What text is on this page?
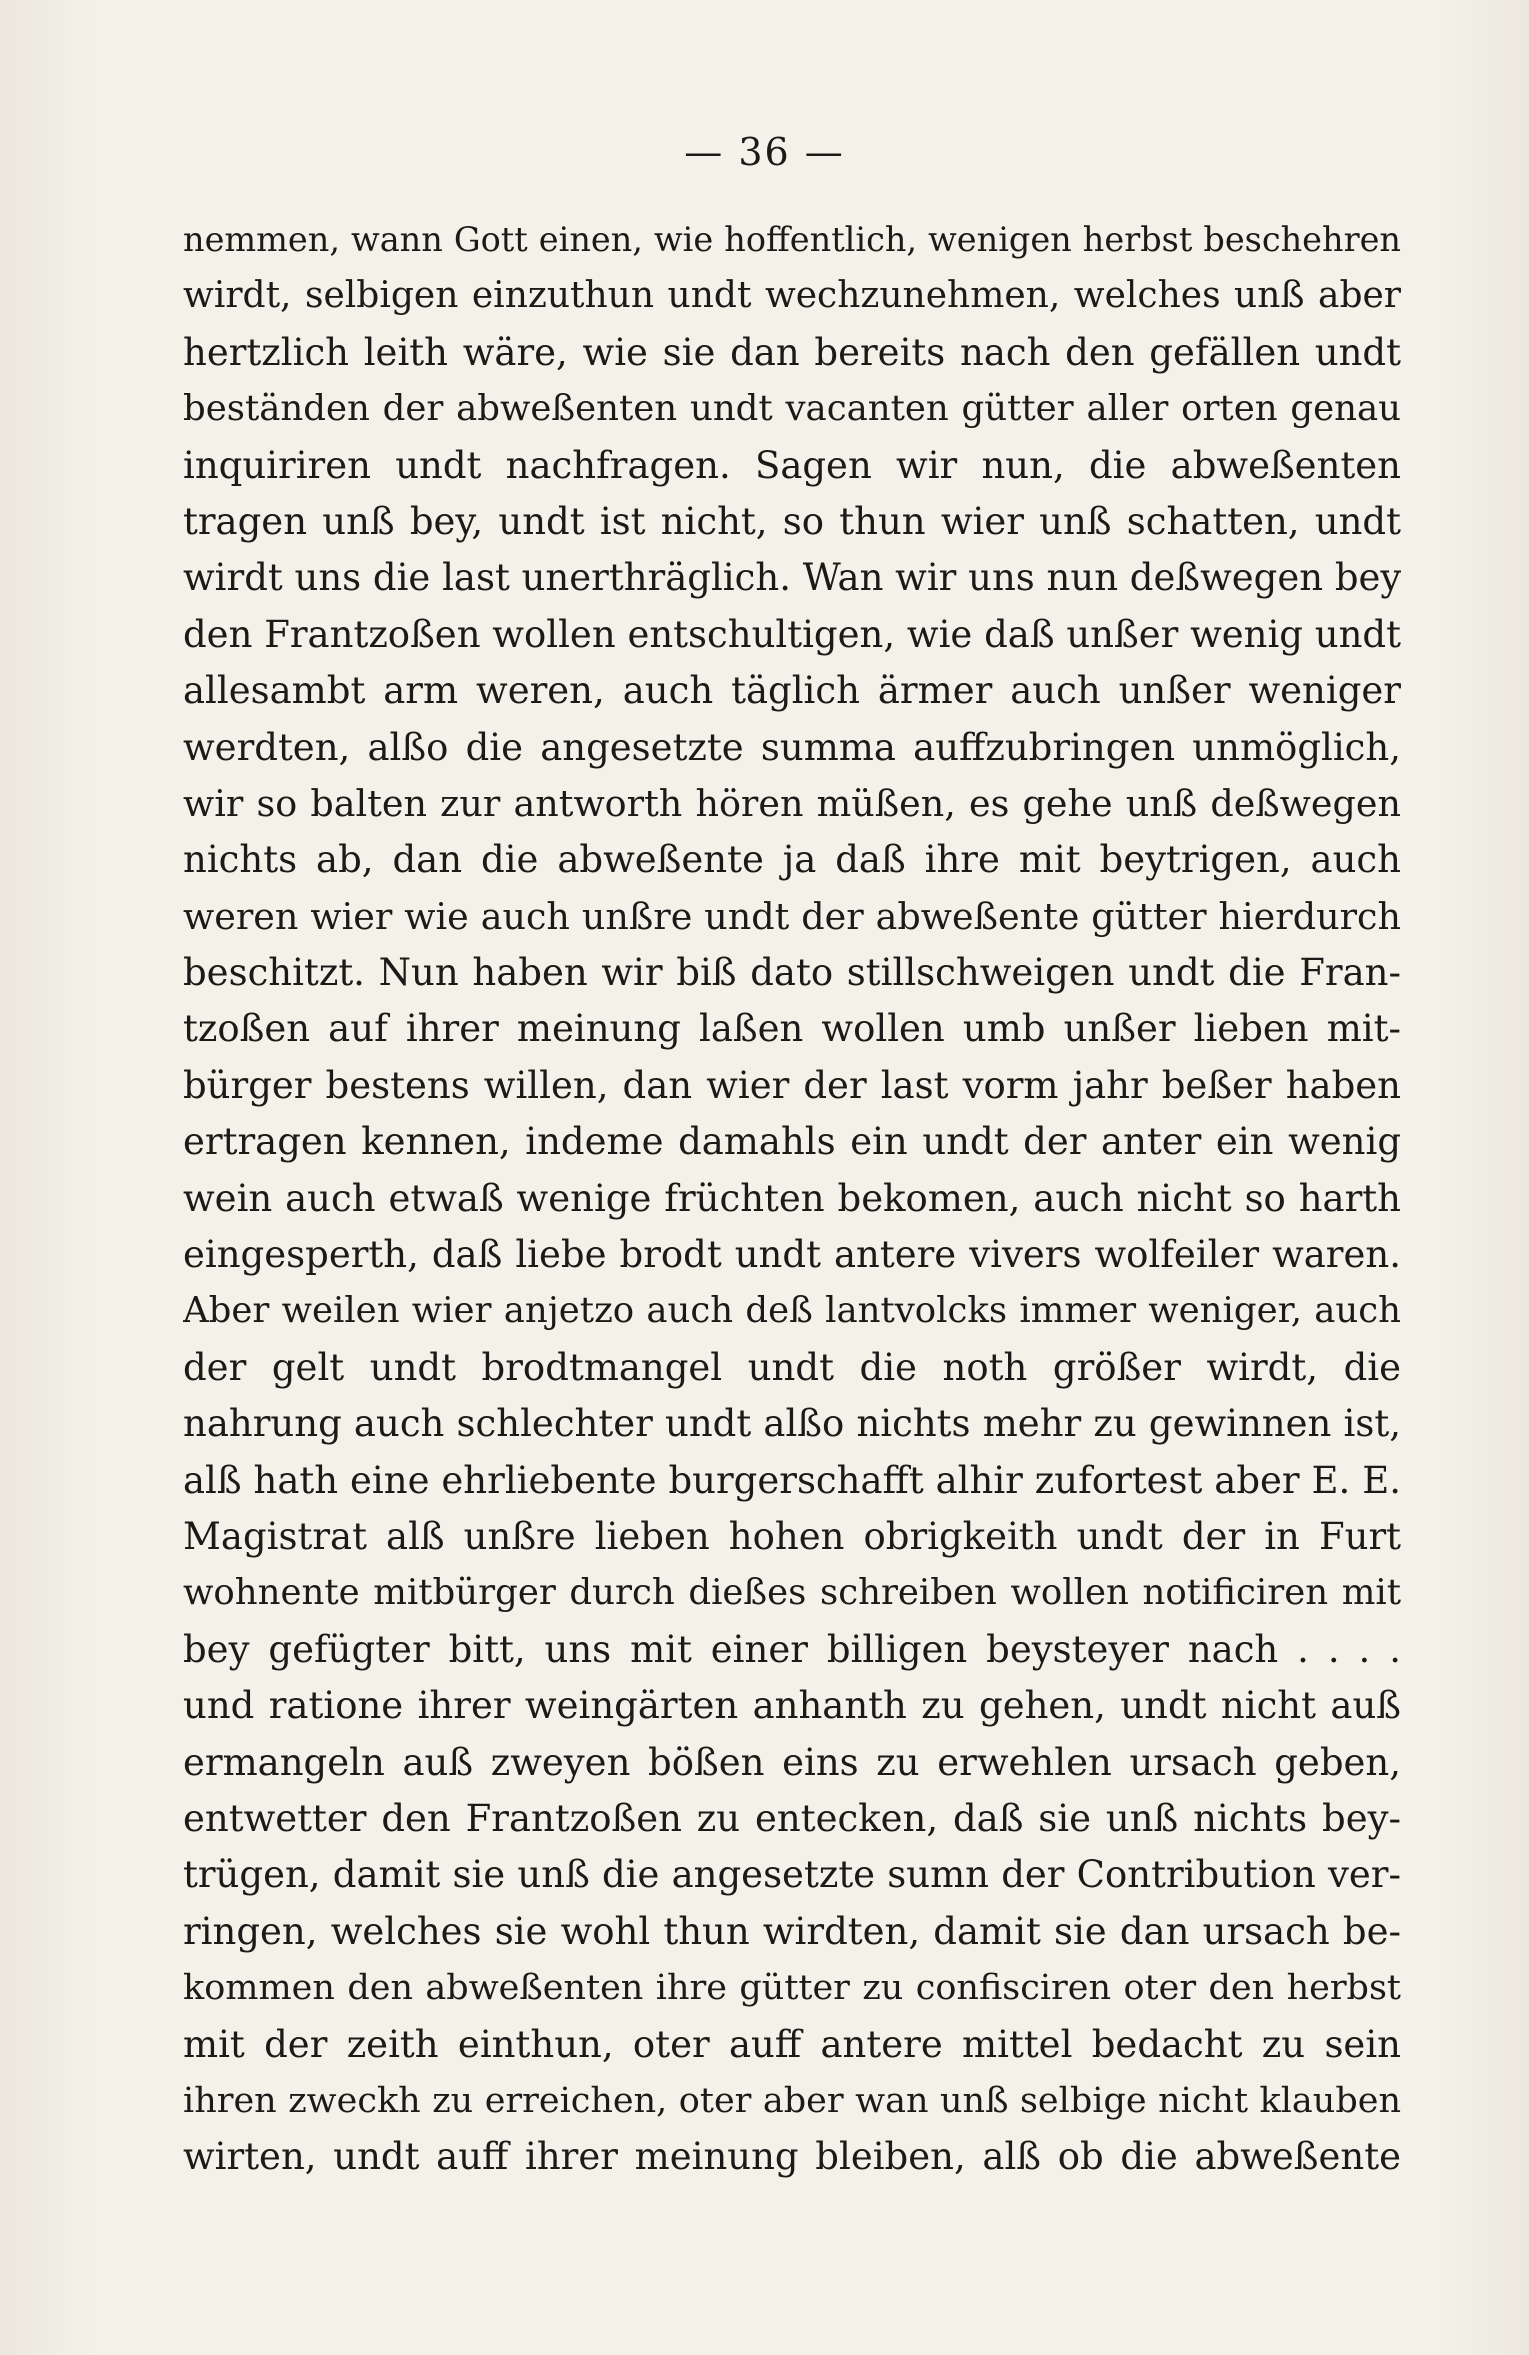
— 36 —
nemmen, wann Gott einen, wie hoffentlich, wenigen herbst beschehren
wirdt, selbigen einzuthun undt wechzunehmen, welches unß aber
hertzlich leith wäre, wie sie dan bereits nach den gefällen undt
beständen der abweßenten undt vacanten gütter aller orten genau
inquiriren undt nachfragen. Sagen wir nun, die abweßenten
tragen unß bey, undt ist nicht, so thun wier unß schatten, undt
wirdt uns die last unerthräglich. Wan wir uns nun deßwegen bey
den Frantzoßen wollen entschultigen, wie daß unßer wenig undt
allesambt arm weren, auch täglich ärmer auch unßer weniger
werdten, alßo die angesetzte summa auffzubringen unmöglich,
wir so balten zur antworth hören müßen, es gehe unß deßwegen
nichts ab, dan die abweßente ja daß ihre mit beytrigen, auch
weren wier wie auch unßre undt der abweßente gütter hierdurch
beschitzt. Nun haben wir biß dato stillschweigen undt die Fran-
tzoßen auf ihrer meinung laßen wollen umb unßer lieben mit-
bürger bestens willen, dan wier der last vorm jahr beßer haben
ertragen kennen, indeme damahls ein undt der anter ein wenig
wein auch etwaß wenige früchten bekomen, auch nicht so harth
eingesperth, daß liebe brodt undt antere vivers wolfeiler waren.
Aber weilen wier anjetzo auch deß lantvolcks immer weniger, auch
der gelt undt brodtmangel undt die noth größer wirdt, die
nahrung auch schlechter undt alßo nichts mehr zu gewinnen ist,
alß hath eine ehrliebente burgerschafft alhir zufortest aber E. E.
Magistrat alß unßre lieben hohen obrigkeith undt der in Furt
wohnente mitbürger durch dießes schreiben wollen notificiren mit
bey gefügter bitt, uns mit einer billigen beysteyer nach . . . .
und ratione ihrer weingärten anhanth zu gehen, undt nicht auß
ermangeln auß zweyen bößen eins zu erwehlen ursach geben,
entwetter den Frantzoßen zu entecken, daß sie unß nichts bey-
trügen, damit sie unß die angesetzte sumn der Contribution ver-
ringen, welches sie wohl thun wirdten, damit sie dan ursach be-
kommen den abweßenten ihre gütter zu confisciren oter den herbst
mit der zeith einthun, oter auff antere mittel bedacht zu sein
ihren zweckh zu erreichen, oter aber wan unß selbige nicht klauben
wirten, undt auff ihrer meinung bleiben, alß ob die abweßente
